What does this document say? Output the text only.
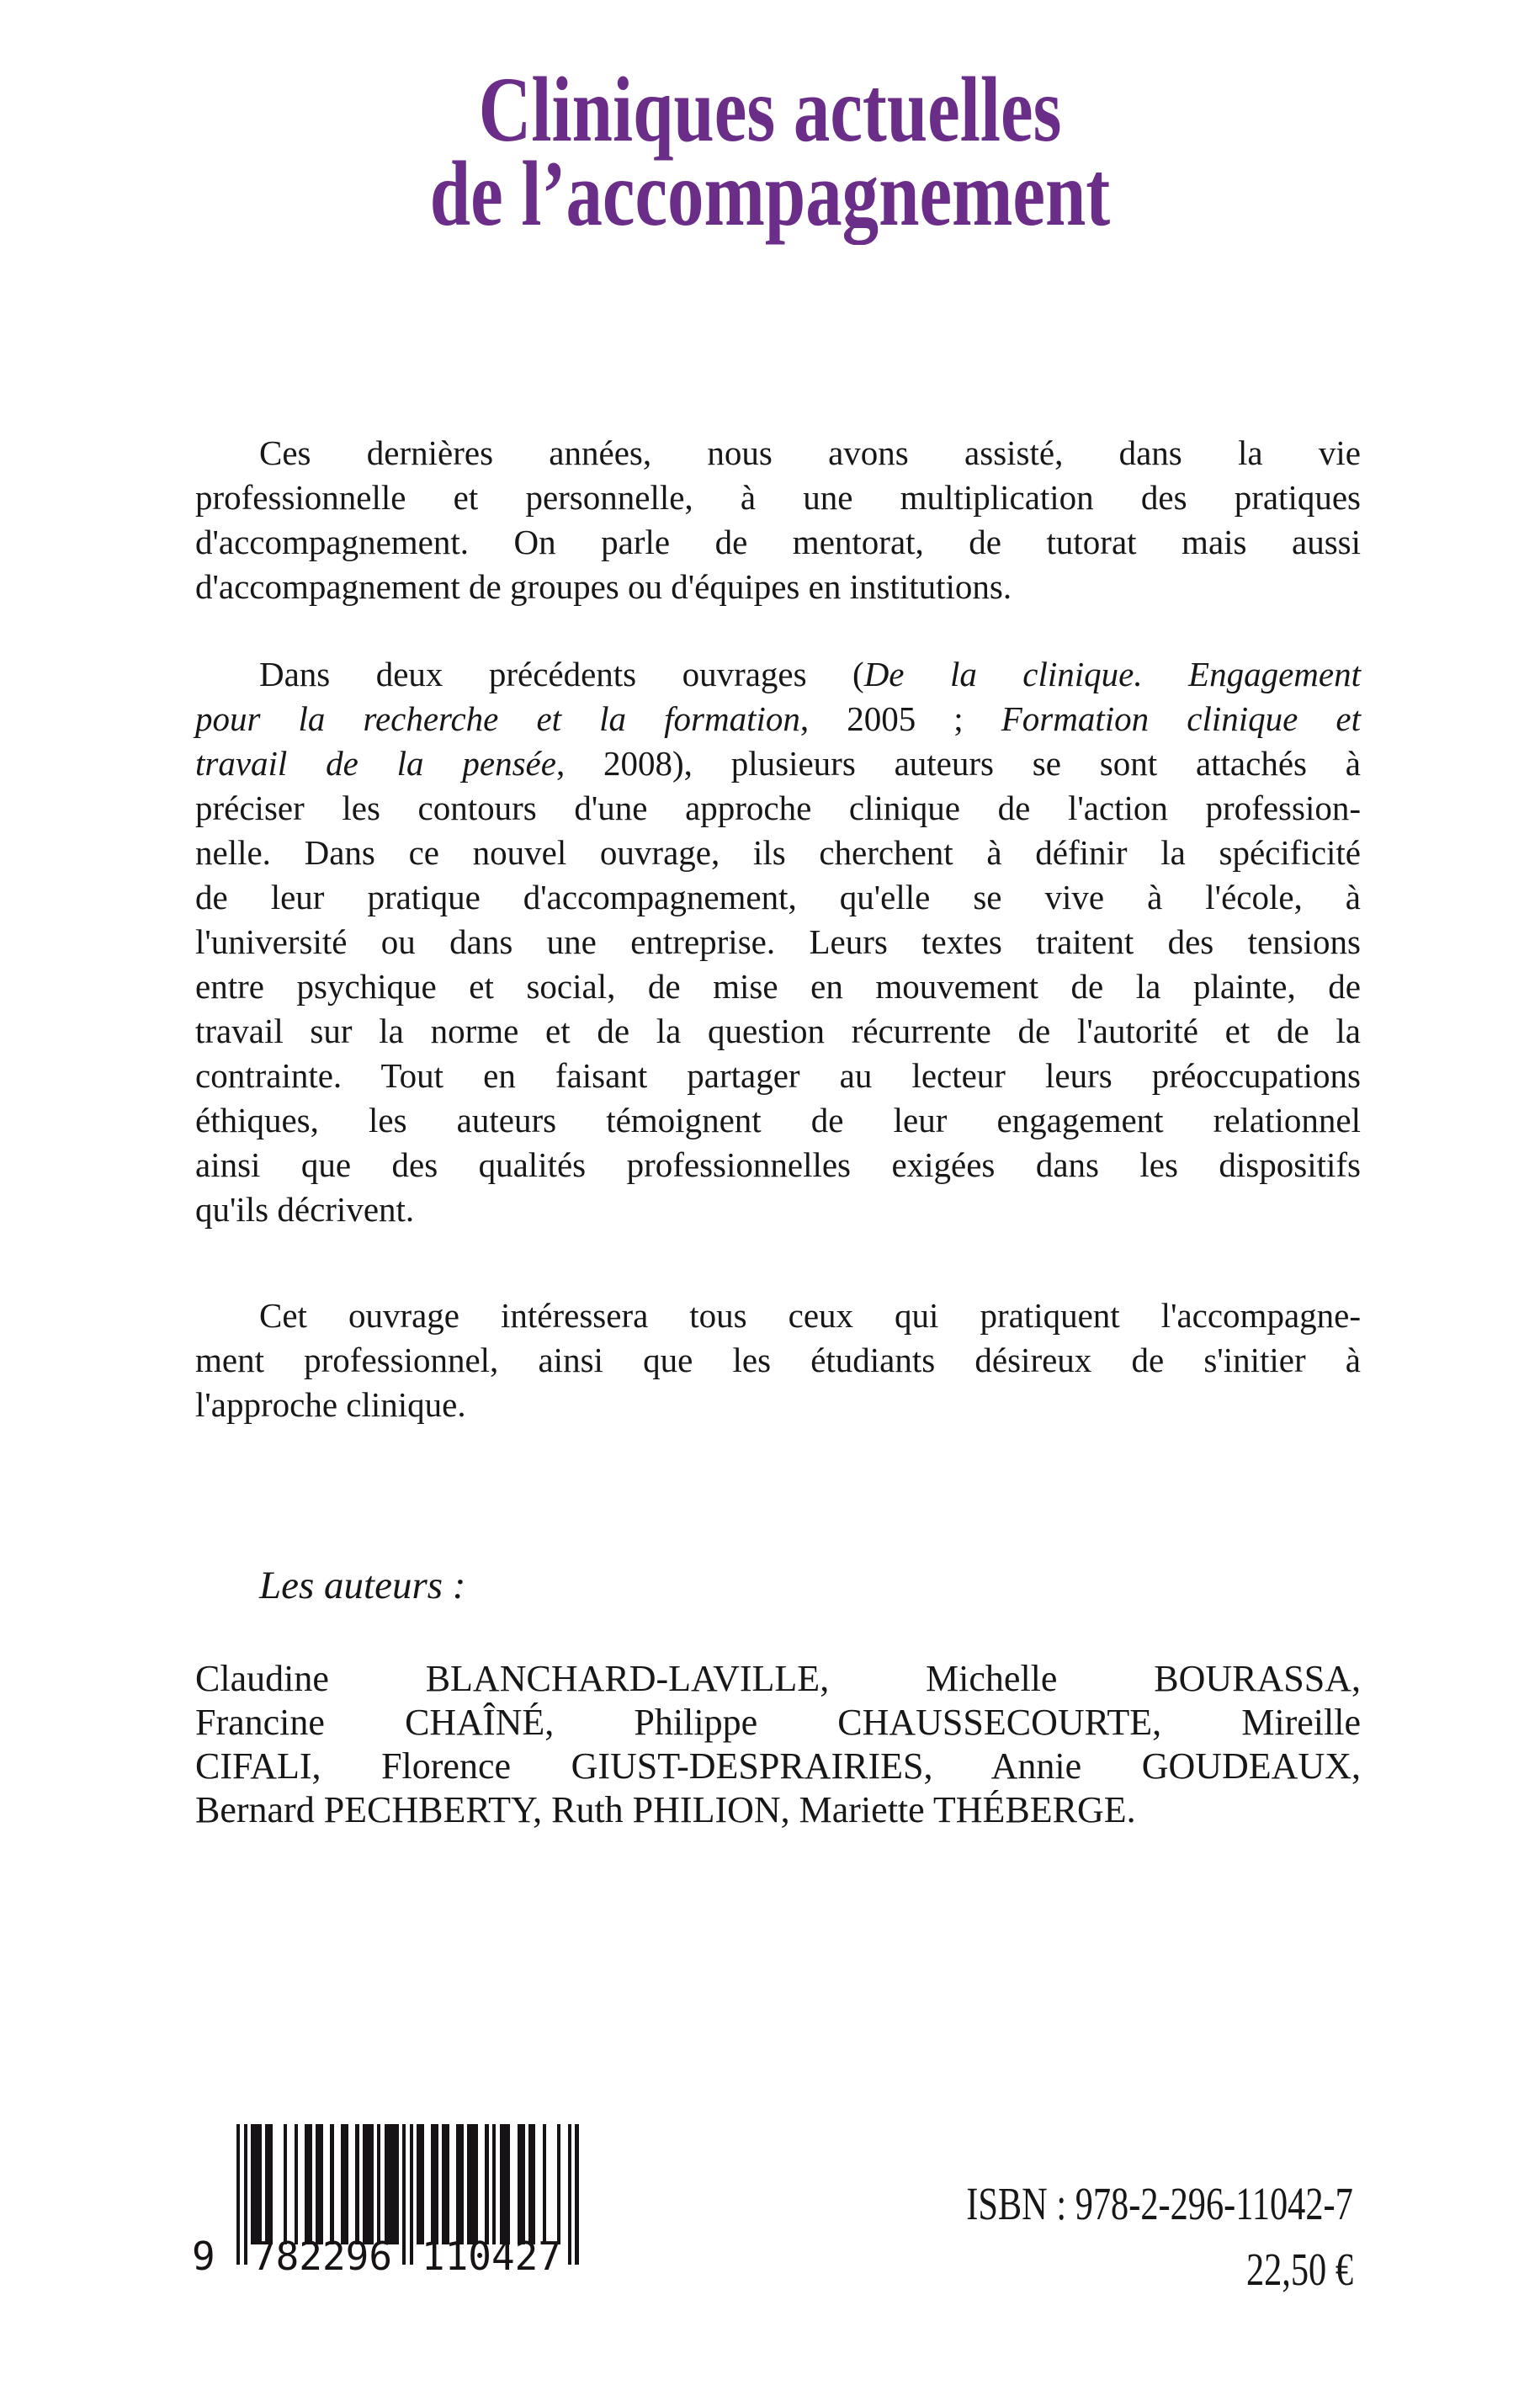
Cliniques actuelles
de l’accompagnement
Ces dernières années, nous avons assisté, dans la vie
professionnelle et personnelle, à une multiplication des pratiques
d'accompagnement. On parle de mentorat, de tutorat mais aussi
d'accompagnement de groupes ou d'équipes en institutions.
Dans deux précédents ouvrages (De la clinique. Engagement
pour la recherche et la formation, 2005 ; Formation clinique et
travail de la pensée, 2008), plusieurs auteurs se sont attachés à
préciser les contours d'une approche clinique de l'action profession-
nelle. Dans ce nouvel ouvrage, ils cherchent à définir la spécificité
de leur pratique d'accompagnement, qu'elle se vive à l'école, à
l'université ou dans une entreprise. Leurs textes traitent des tensions
entre psychique et social, de mise en mouvement de la plainte, de
travail sur la norme et de la question récurrente de l'autorité et de la
contrainte. Tout en faisant partager au lecteur leurs préoccupations
éthiques, les auteurs témoignent de leur engagement relationnel
ainsi que des qualités professionnelles exigées dans les dispositifs
qu'ils décrivent.
Cet ouvrage intéressera tous ceux qui pratiquent l'accompagne-
ment professionnel, ainsi que les étudiants désireux de s'initier à
l'approche clinique.
Les auteurs :
Claudine BLANCHARD-LAVILLE, Michelle BOURASSA,
Francine CHAÎNÉ, Philippe CHAUSSECOURTE, Mireille
CIFALI, Florence GIUST-DESPRAIRIES, Annie GOUDEAUX,
Bernard PECHBERTY, Ruth PHILION, Mariette THÉBERGE.
9 782296 110427
ISBN : 978-2-296-11042-7
22,50 €
